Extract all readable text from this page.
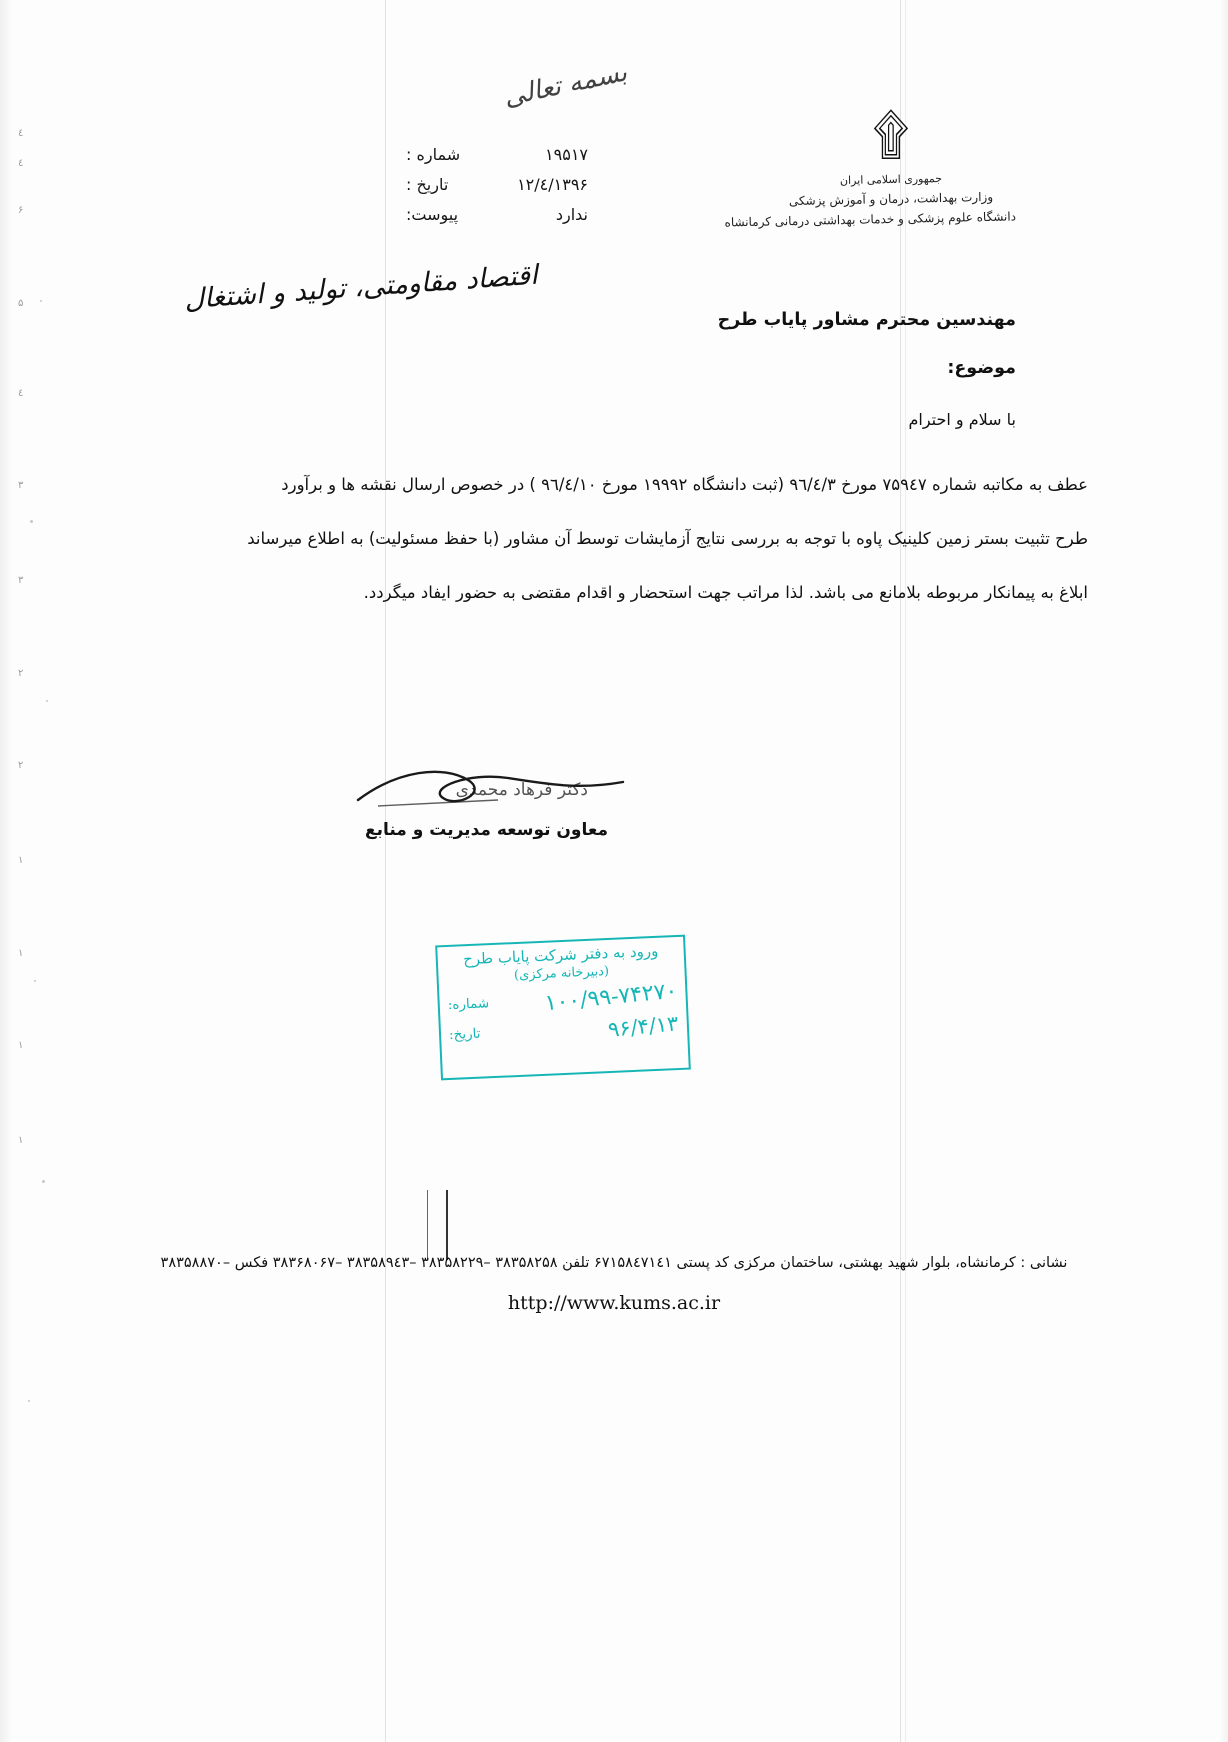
٤
٤
۶
۵
٤
۳
۳
۲
۲
۱
۱
۱
۱
بسمه تعالی
۩
جمهوری اسلامی ایران
وزارت بهداشت، درمان و آموزش پزشکی
دانشگاه علوم پزشکی و خدمات بهداشتی درمانی کرمانشاه
۱۹۵۱۷
شماره :
۱۳۹۶/٤/۱۲
تاریخ :
ندارد
پیوست:
اقتصاد مقاومتی، تولید و اشتغال
مهندسین محترم مشاور پایاب طرح
موضوع:
با سلام و احترام

عطف به مکاتبه شماره ۷۵۹٤۷ مورخ ۹٦/٤/۳ (ثبت دانشگاه ۱۹۹۹۲ مورخ ۹٦/٤/۱۰ ) در خصوص ارسال نقشه ها و برآورد

طرح تثبیت بستر زمین کلینیک پاوه با توجه به بررسی نتایج آزمایشات توسط آن مشاور (با حفظ مسئولیت) به اطلاع میرساند

ابلاغ به پیمانکار مربوطه بلامانع می باشد. لذا مراتب جهت استحضار و اقدام مقتضی به حضور ایفاد میگردد.

دکتر فرهاد محمدی
معاون توسعه مدیریت و منابع
ورود به دفتر شرکت پایاب طرح
(دبیرخانه مرکزی)
۱۰۰/۹۹-۷۴۲۷۰
شماره:
۹۶/۴/۱۳
تاریخ:
نشانی : کرمانشاه، بلوار شهید بهشتی، ساختمان مرکزی کد پستی ۶۷۱۵۸٤۷۱٤۱ تلفن ۳۸۳۵۸۲۵۸ –۳۸۳۵۸۲۲۹ –۳۸۳۵۸۹٤۳ –۳۸۳۶۸۰۶۷ فکس –۳۸۳۵۸۸۷۰
http://www.kums.ac.ir
